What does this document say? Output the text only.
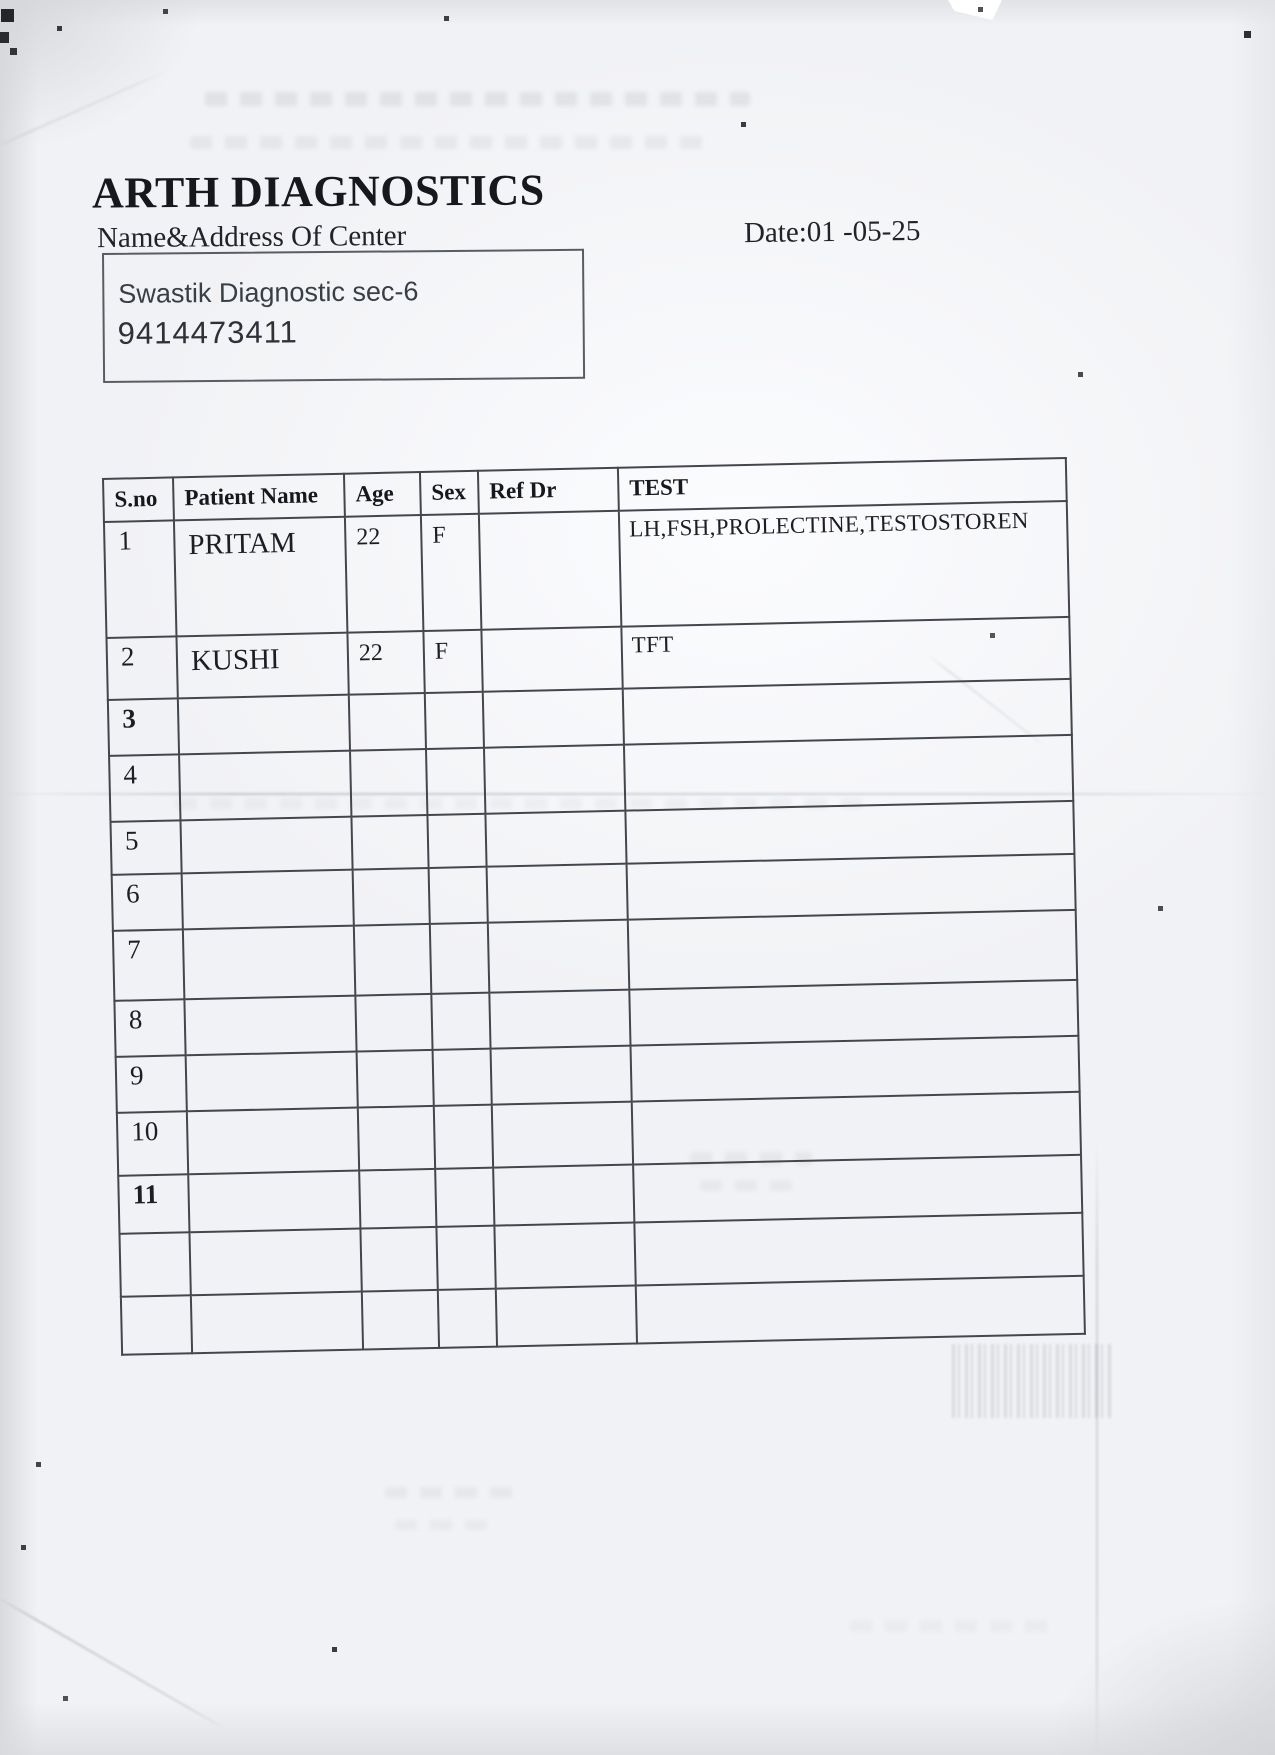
ARTH DIAGNOSTICS
Name&Address Of Center	Date:01 -05-25
Swastik Diagnostic sec-6
9414473411
S.no	Patient Name	Age	Sex	Ref Dr	TEST
1	PRITAM	22	F		LH,FSH,PROLECTINE,TESTOSTOREN
2	KUSHI	22	F		TFT
3					
4					
5					
6					
7					
8					
9					
10					
11					
